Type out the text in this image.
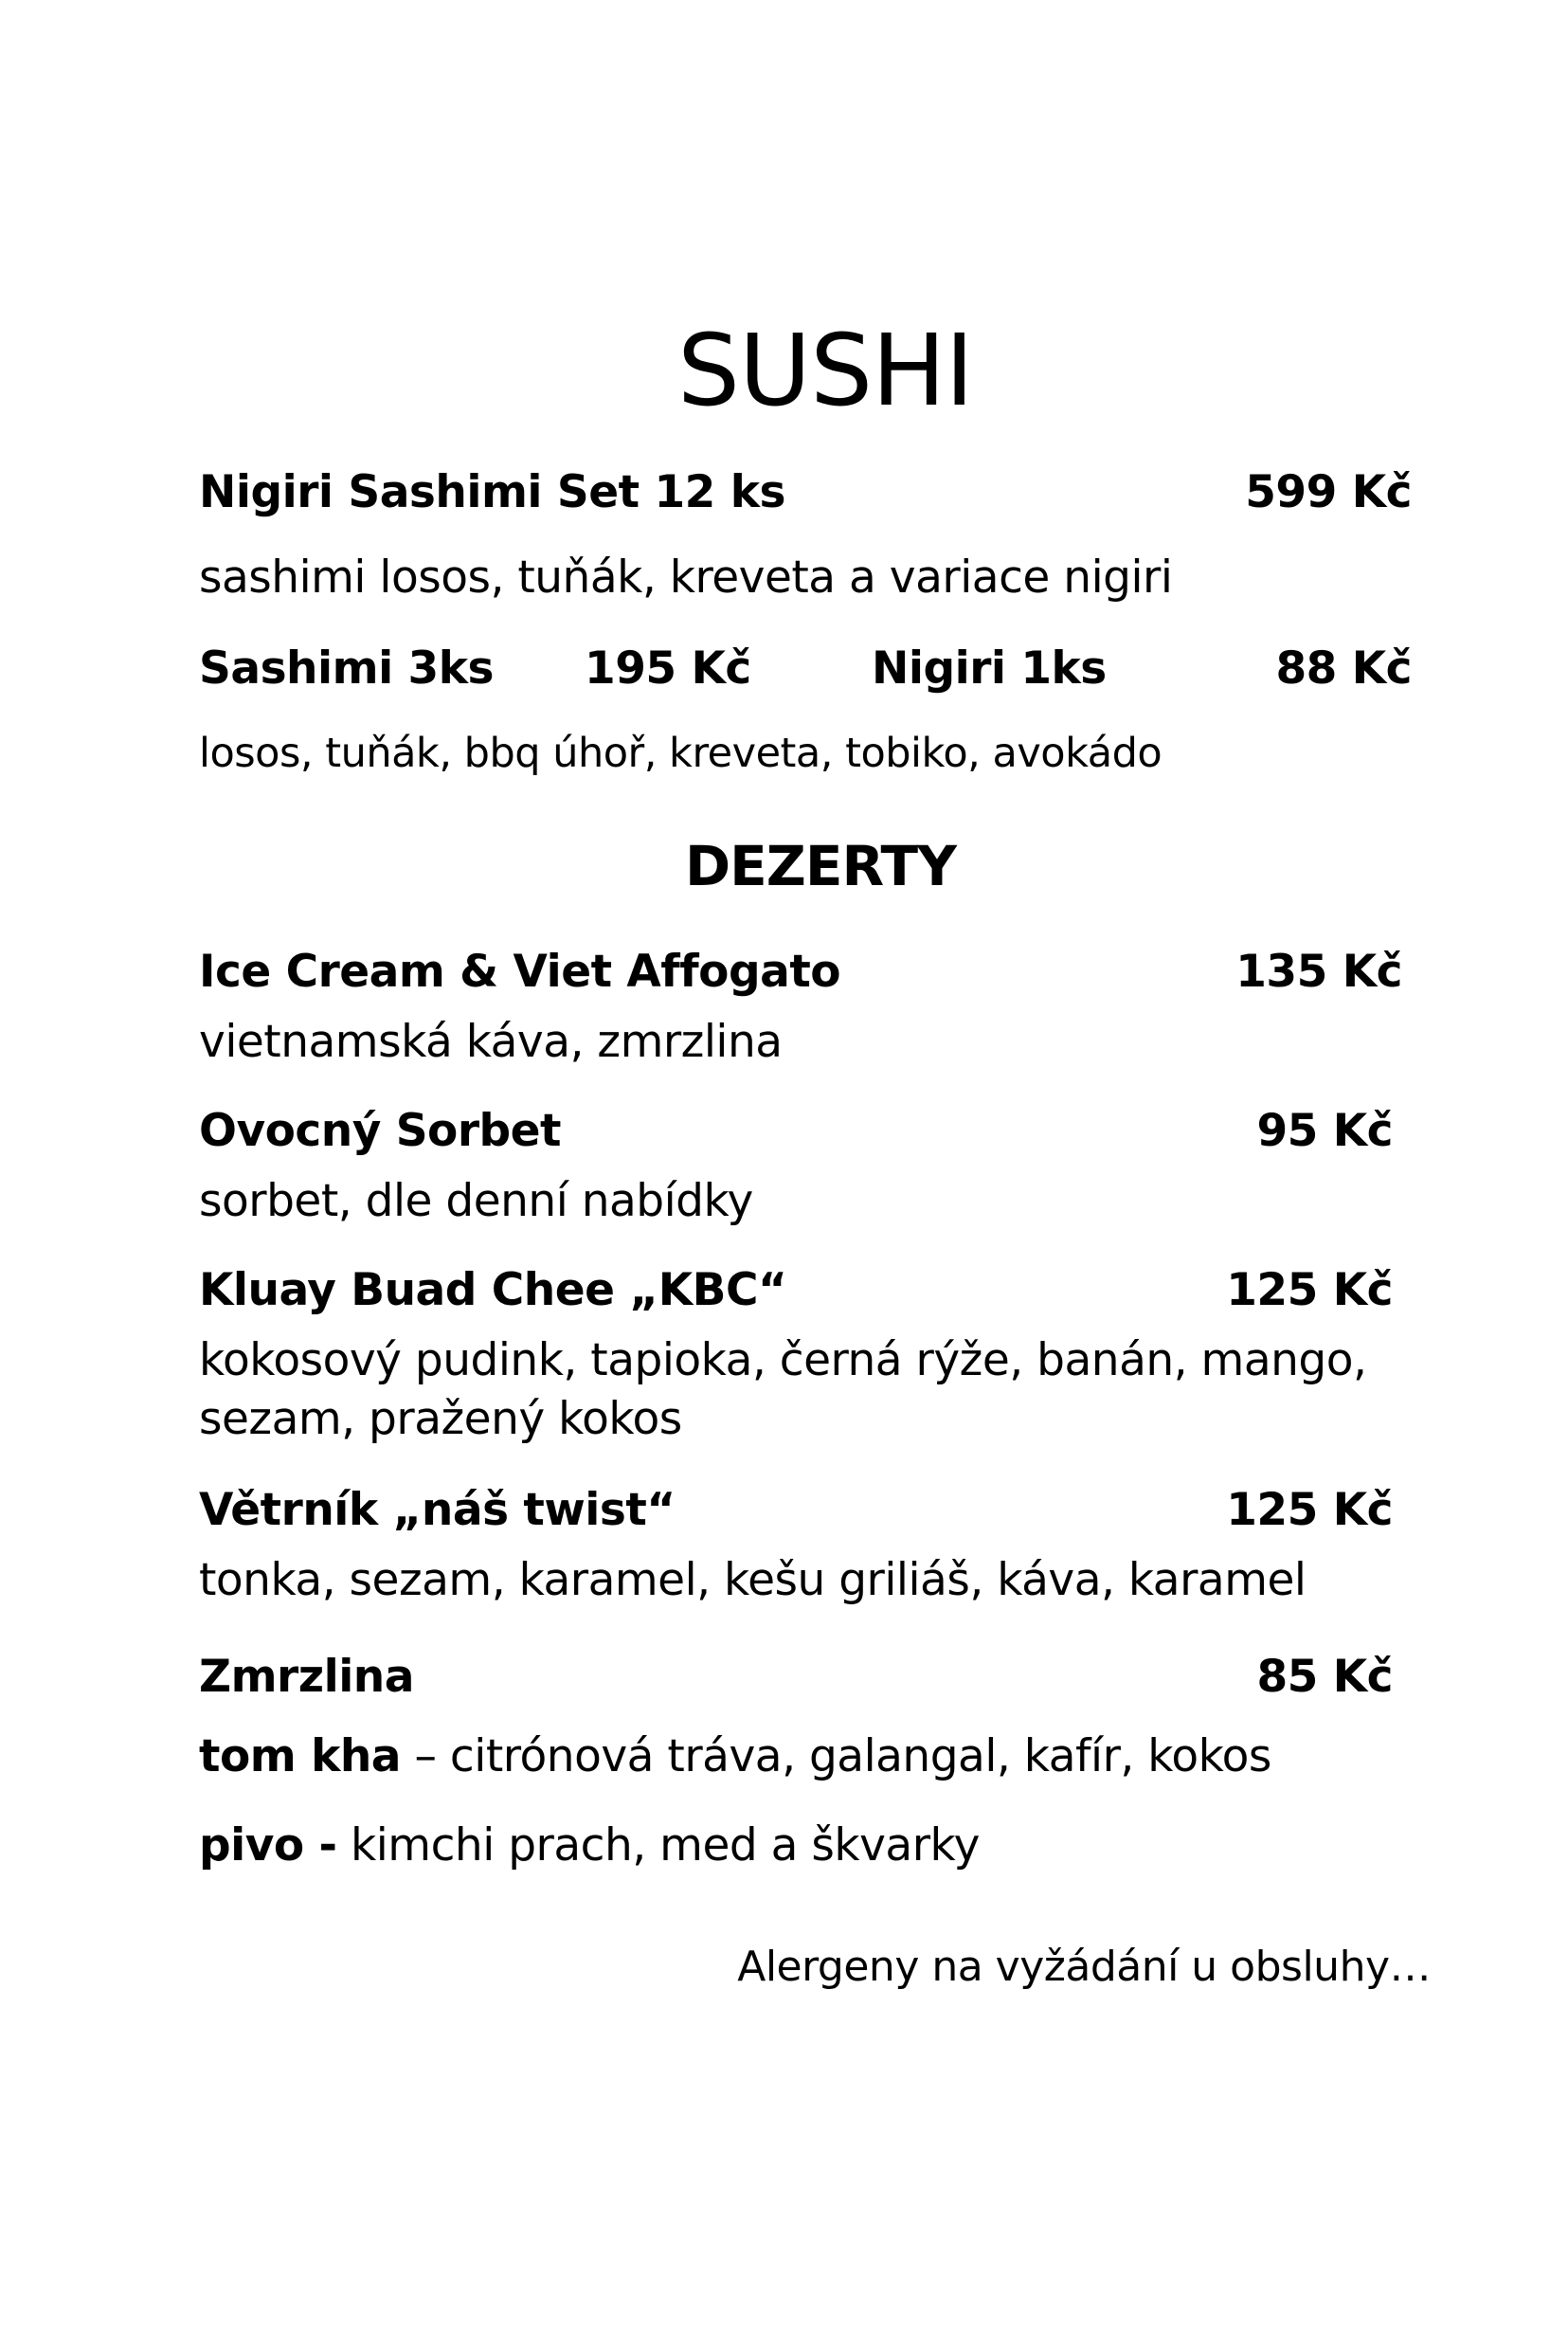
SUSHI
Nigiri Sashimi Set 12 ks	599 Kč
sashimi losos, tuňák, kreveta a variace nigiri
Sashimi 3ks 195 Kč	Nigiri 1ks	88 Kč
losos, tuňák, bbq úhoř, kreveta, tobiko, avokádo
DEZERTY
Ice Cream & Viet Affogato	135 Kč
vietnamská káva, zmrzlina
Ovocný Sorbet	95 Kč
sorbet, dle denní nabídky
Kluay Buad Chee „KBC“	125 Kč
kokosový pudink, tapioka, černá rýže, banán, mango,
sezam, pražený kokos
Větrník „náš twist“	125 Kč
tonka, sezam, karamel, kešu griliáš, káva, karamel
Zmrzlina	85 Kč
tom kha – citrónová tráva, galangal, kafír, kokos
pivo - kimchi prach, med a škvarky
Alergeny na vyžádání u obsluhy…
